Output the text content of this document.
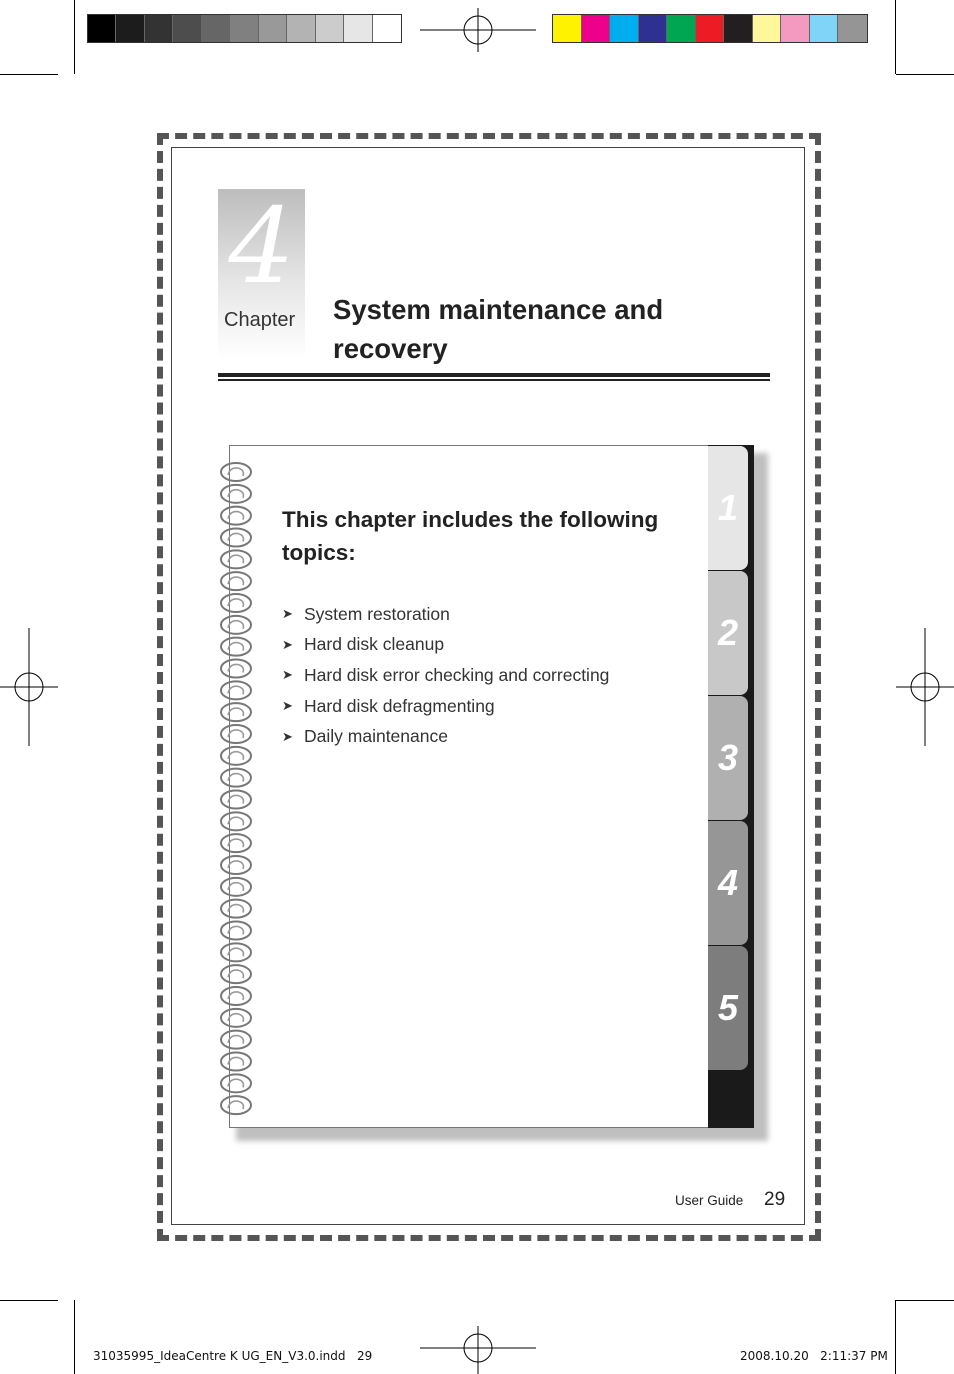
4
Chapter System maintenance and recovery
1
2
3
4
5
This chapter includes the following topics:
➤ System restoration
➤ Hard disk cleanup
➤ Hard disk error checking and correcting
➤ Hard disk defragmenting
➤ Daily maintenance
User Guide 29
31035995_IdeaCentre K UG_EN_V3.0.indd   29	2008.10.20   2:11:37 PM
